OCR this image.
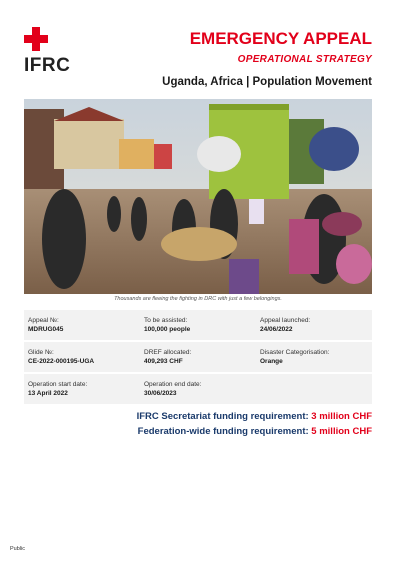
IFRC
EMERGENCY APPEAL
OPERATIONAL STRATEGY
Uganda, Africa | Population Movement
Thousands are fleeing the fighting in DRC with just a few belongings.
Appeal №:
MDRUG045
To be assisted:
100,000 people
Appeal launched:
24/06/2022
Glide №:
CE-2022-000195-UGA
DREF allocated:
409,293 CHF
Disaster Categorisation:
Orange
Operation start date:
13 April 2022
Operation end date:
30/06/2023
IFRC Secretariat funding requirement: 3 million CHF
Federation-wide funding requirement: 5 million CHF
Public
